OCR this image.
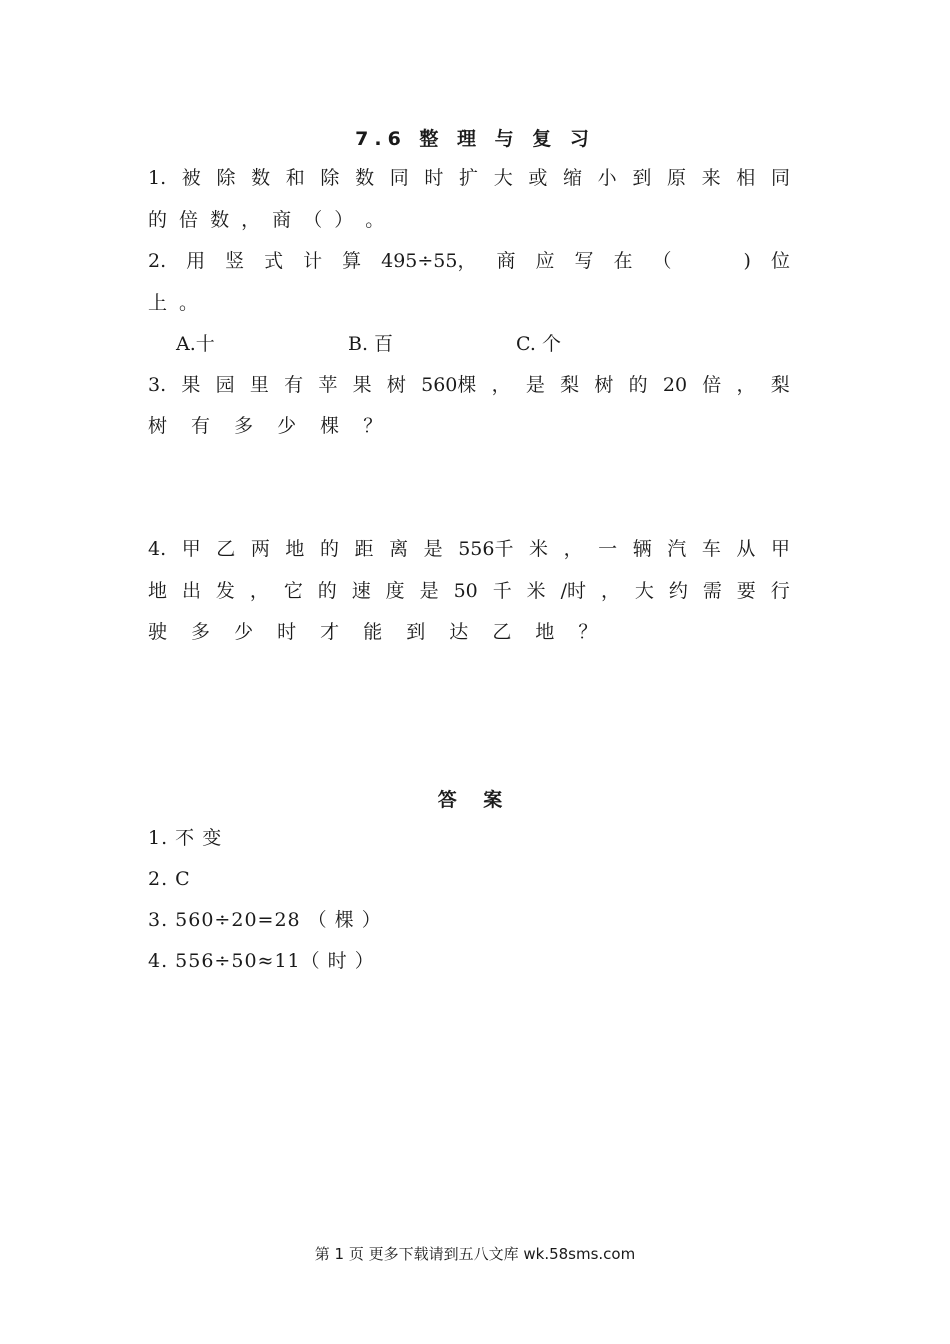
7.6 整 理 与 复 习
1. 被 除 数 和 除 数 同 时 扩 大 或 缩 小 到 原 来 相 同
的 倍 数 ， 商 （ ） 。
2. 用 竖 式 计 算 495÷55， 商 应 写 在 （

	) 位
上 。
A.十	B. 百	C. 个
3. 果 园 里 有 苹 果 树 560棵 ， 是 梨 树 的 20 倍 ， 梨
树 有 多 少 棵 ？
4. 甲 乙 两 地 的 距 离 是 556千 米 ， 一 辆 汽 车 从 甲
地 出 发 ， 它 的 速 度 是 50 千 米 /时 ， 大 约 需 要 行
驶 多 少 时 才 能 到 达 乙 地 ？
答 案
1. 不 变
2. C
3. 560÷20=28 （ 棵 ）
4. 556÷50≈11（ 时 ）
第 1 页 更多下载请到五八文库 wk.58sms.com
